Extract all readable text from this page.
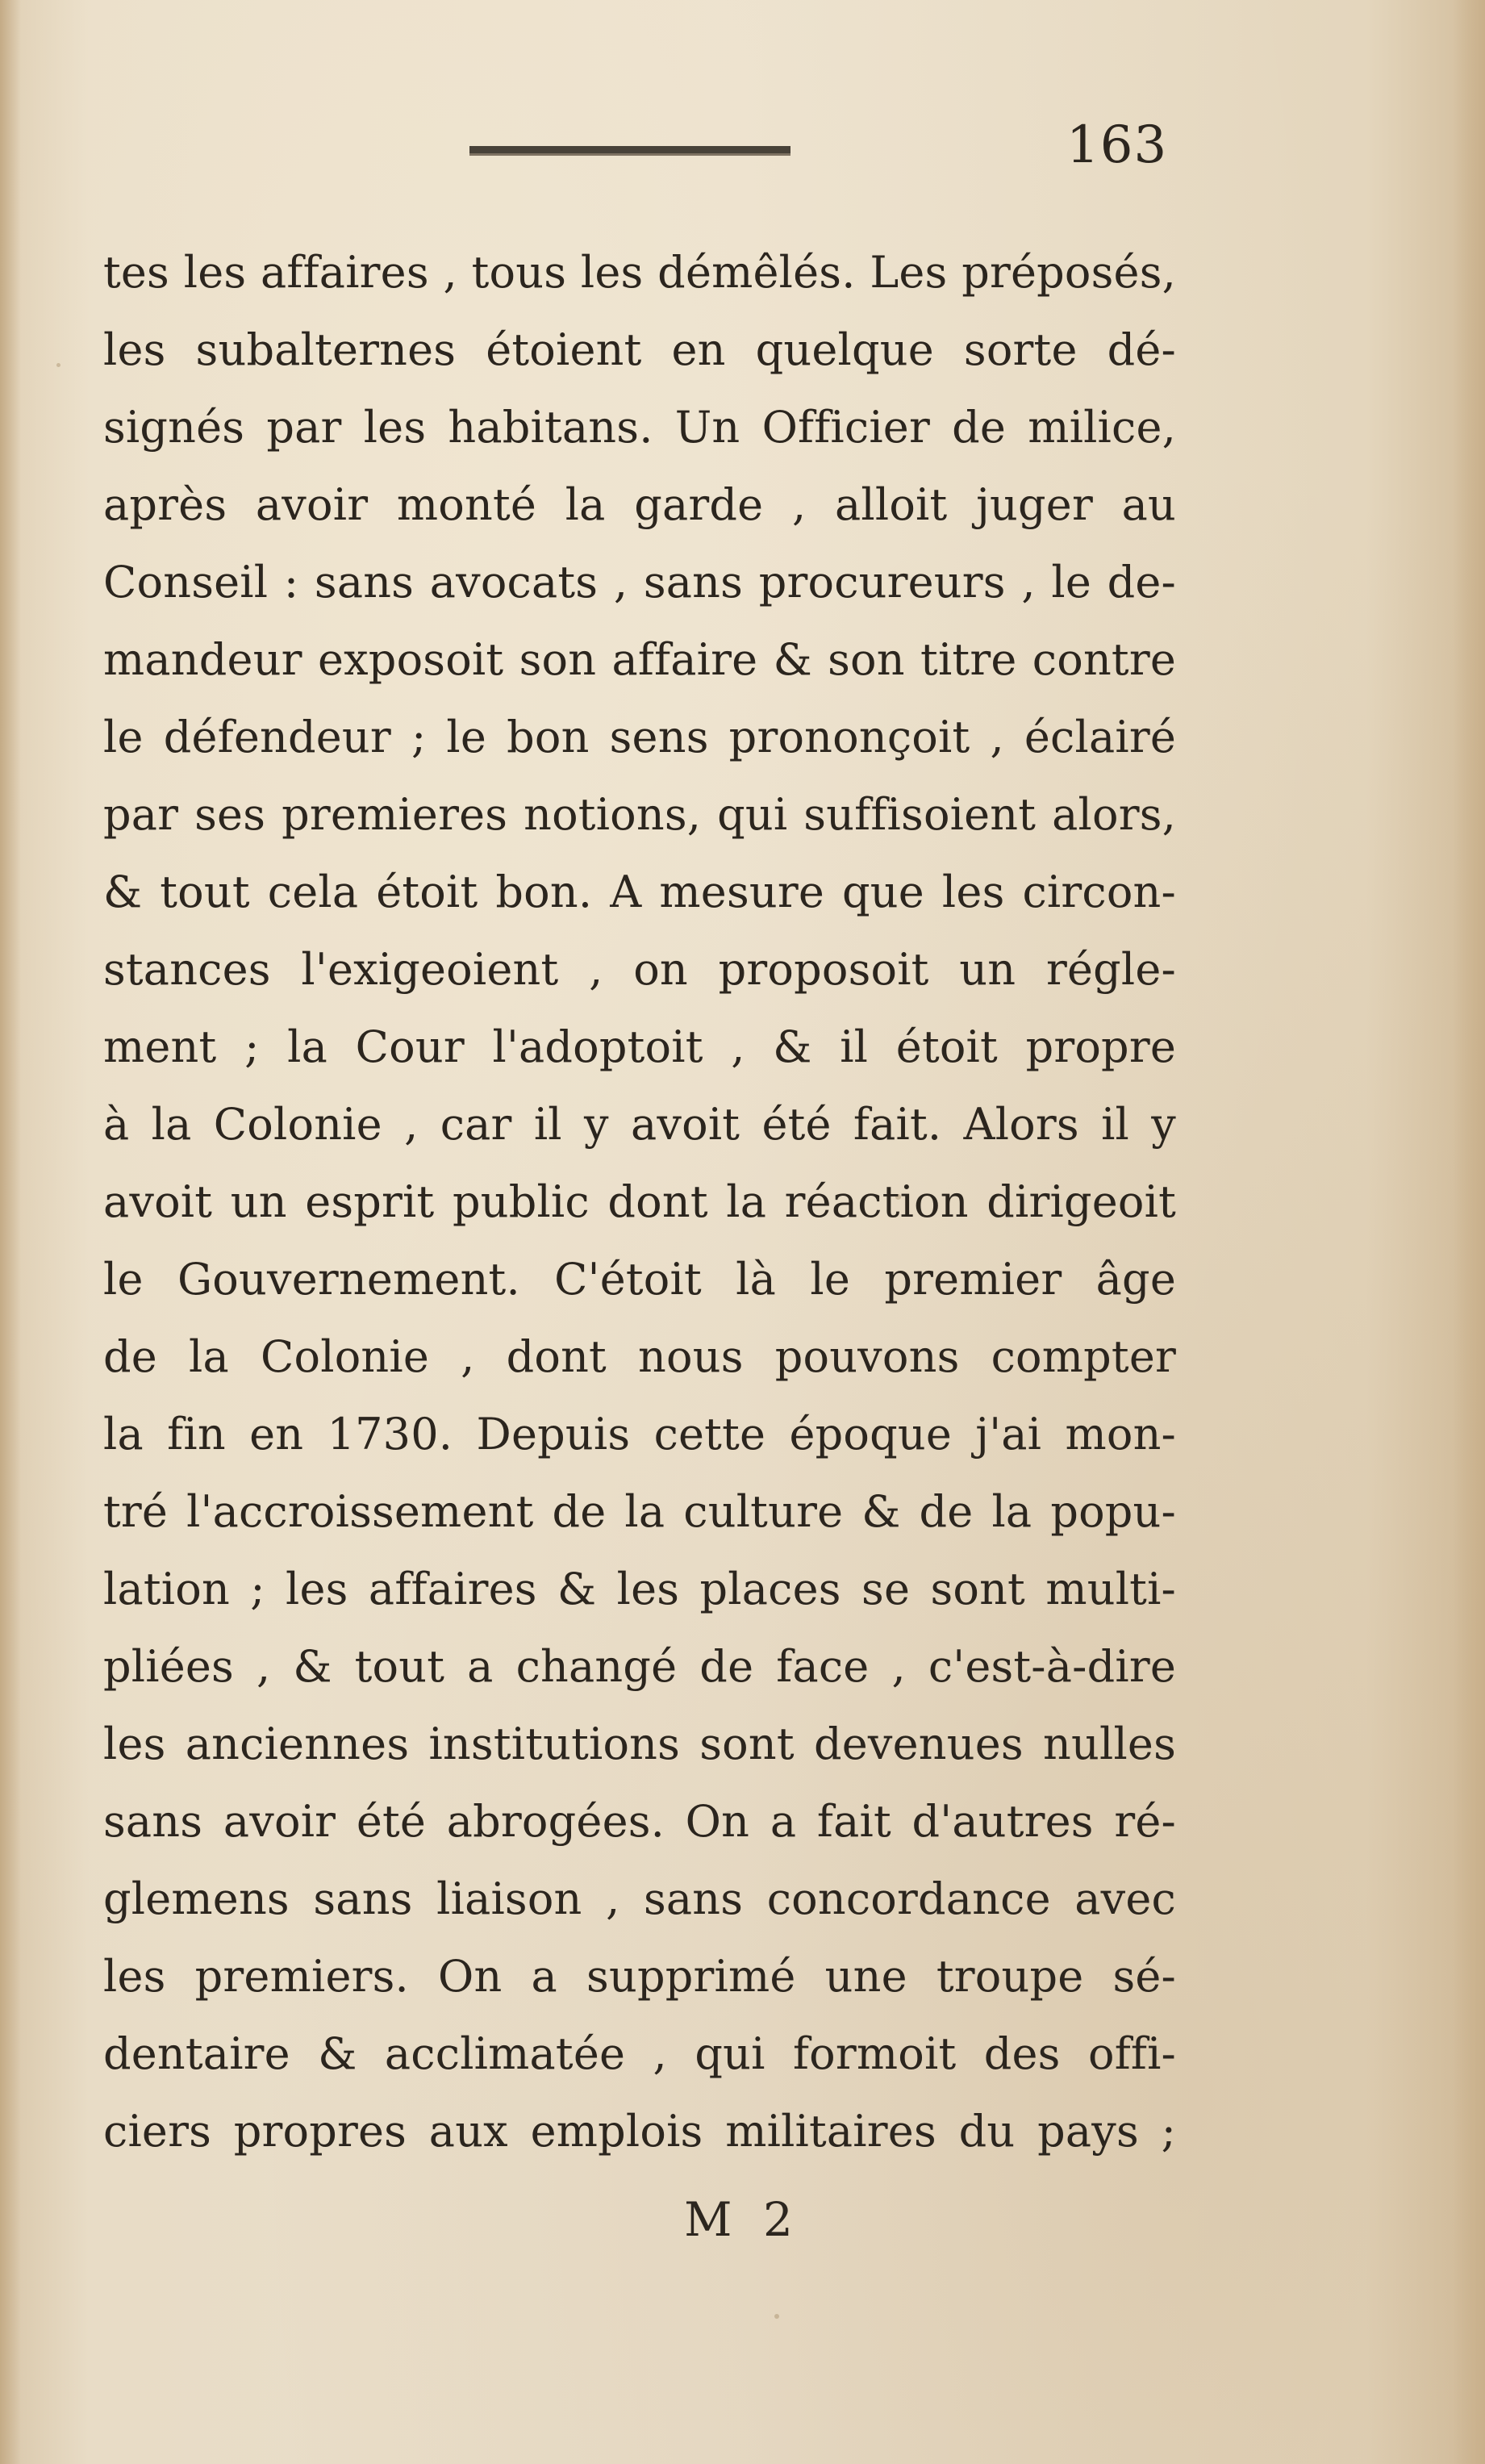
163
tes les affaires , tous les démêlés. Les préposés,
les subalternes étoient en quelque sorte dé-
signés par les habitans. Un Officier de milice,
après avoir monté la garde , alloit juger au
Conseil : sans avocats , sans procureurs , le de-
mandeur exposoit son affaire & son titre contre
le défendeur ; le bon sens prononçoit , éclairé
par ses premieres notions, qui suffisoient alors,
& tout cela étoit bon. A mesure que les circon-
stances l'exigeoient , on proposoit un régle-
ment ; la Cour l'adoptoit , & il étoit propre
à la Colonie , car il y avoit été fait. Alors il y
avoit un esprit public dont la réaction dirigeoit
le Gouvernement. C'étoit là le premier âge
de la Colonie , dont nous pouvons compter
la fin en 1730. Depuis cette époque j'ai mon-
tré l'accroissement de la culture & de la popu-
lation ; les affaires & les places se sont multi-
pliées , & tout a changé de face , c'est-à-dire
les anciennes institutions sont devenues nulles
sans avoir été abrogées. On a fait d'autres ré-
glemens sans liaison , sans concordance avec
les premiers. On a supprimé une troupe sé-
dentaire & acclimatée , qui formoit des offi-
ciers propres aux emplois militaires du pays ;
M 2
